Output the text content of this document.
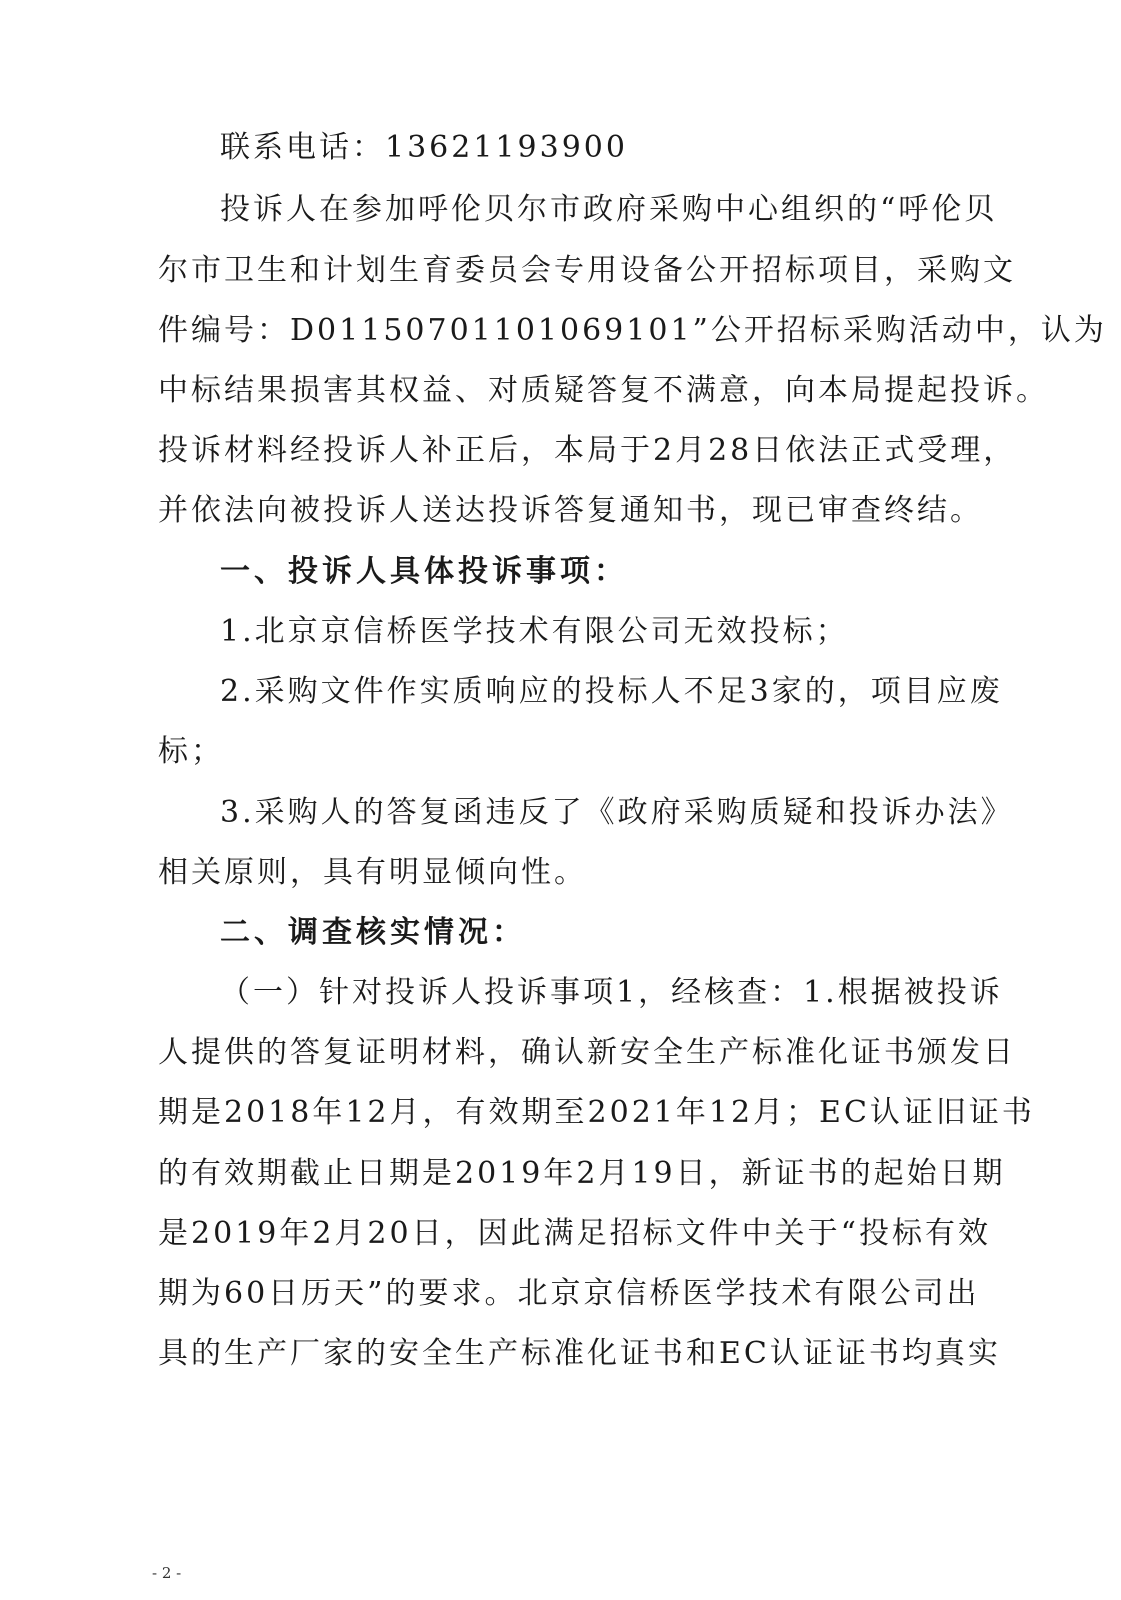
联系电话：13621193900
投诉人在参加呼伦贝尔市政府采购中心组织的“呼伦贝
尔市卫生和计划生育委员会专用设备公开招标项目，采购文
件编号：D01150701101069101”公开招标采购活动中，认为
中标结果损害其权益、对质疑答复不满意，向本局提起投诉。
投诉材料经投诉人补正后，本局于2月28日依法正式受理，
并依法向被投诉人送达投诉答复通知书，现已审查终结。
一、投诉人具体投诉事项：
1.北京京信桥医学技术有限公司无效投标；
2.采购文件作实质响应的投标人不足3家的，项目应废
标；
3.采购人的答复函违反了《政府采购质疑和投诉办法》
相关原则，具有明显倾向性。
二、调查核实情况：
（一）针对投诉人投诉事项1，经核查：1.根据被投诉
人提供的答复证明材料，确认新安全生产标准化证书颁发日
期是2018年12月，有效期至2021年12月；EC认证旧证书
的有效期截止日期是2019年2月19日，新证书的起始日期
是2019年2月20日，因此满足招标文件中关于“投标有效
期为60日历天”的要求。北京京信桥医学技术有限公司出
具的生产厂家的安全生产标准化证书和EC认证证书均真实
- 2 -
